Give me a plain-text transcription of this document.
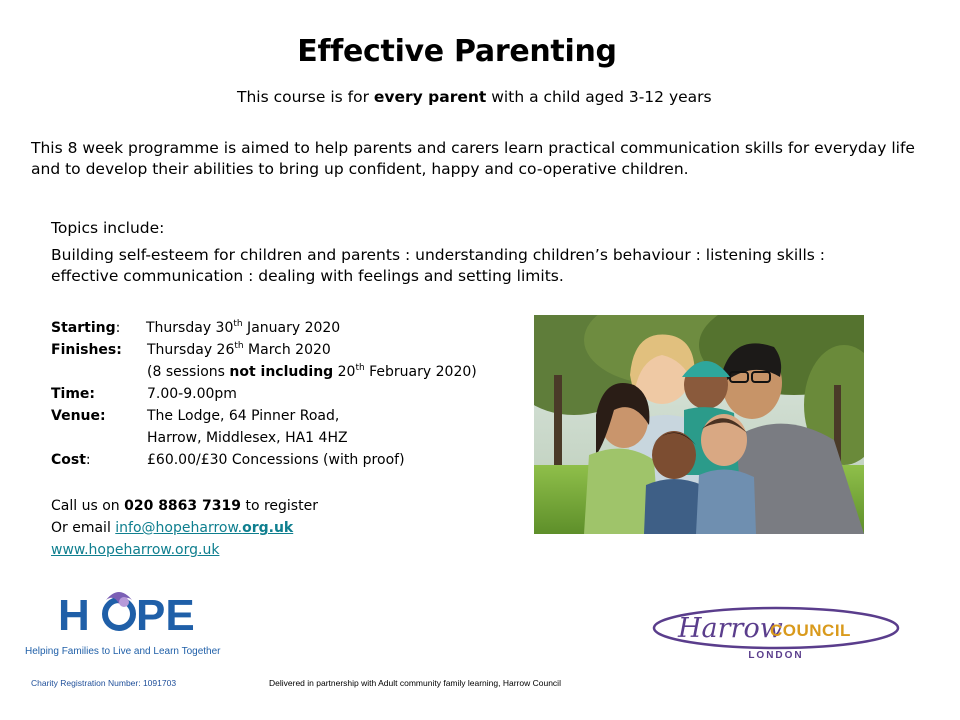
Effective Parenting
This course is for every parent with a child aged 3-12 years
This 8 week programme is aimed to help parents and carers learn practical communication skills for everyday life and to develop their abilities to bring up confident, happy and co-operative children.
Topics include:
Building self-esteem for children and parents : understanding children’s behaviour : listening skills : effective communication : dealing with feelings and setting limits.
Starting: Thursday 30th January 2020
Finishes: Thursday 26th March 2020
(8 sessions not including 20th February 2020)
Time:	7.00-9.00pm
Venue:	The Lodge, 64 Pinner Road,
Harrow, Middlesex, HA1 4HZ
Cost:	£60.00/£30 Concessions (with proof)
Call us on 020 8863 7319 to register
Or email info@hopeharrow.org.uk
www.hopeharrow.org.uk
H PE
Helping Families to Live and Learn Together
Harrow
COUNCIL
LONDON
Charity Registration Number: 1091703	Delivered in partnership with Adult community family learning, Harrow Council
